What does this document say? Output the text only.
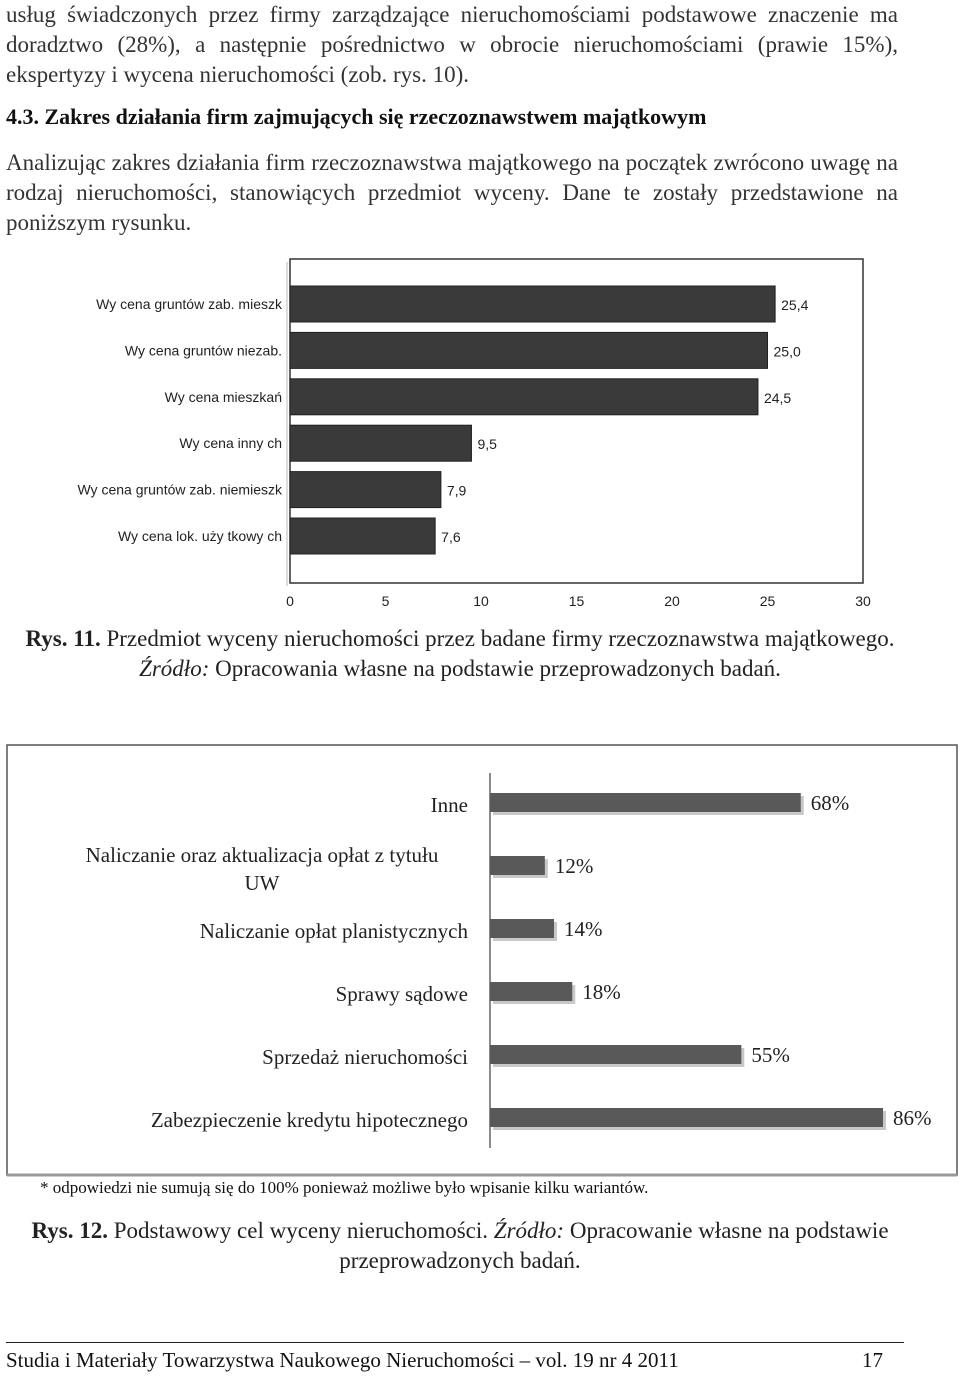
usług świadczonych przez firmy zarządzające nieruchomościami podstawowe znaczenie ma doradztwo (28%), a następnie pośrednictwo w obrocie nieruchomościami (prawie 15%), ekspertyzy i wycena nieruchomości (zob. rys. 10).

4.3. Zakres działania firm zajmujących się rzeczoznawstwem majątkowym

Analizując zakres działania firm rzeczoznawstwa majątkowego na początek zwrócono uwagę na rodzaj nieruchomości, stanowiących przedmiot wyceny. Dane te zostały przedstawione na poniższym rysunku.

Wy cena gruntów zab. mieszk	25,4
Wy cena gruntów niezab.	25,0
Wy cena mieszkań	24,5
Wy cena inny ch	9,5
Wy cena gruntów zab. niemieszk	7,9
Wy cena lok. uży tkowy ch	7,6
0	5	10	15	20	25	30

Rys. 11. Przedmiot wyceny nieruchomości przez badane firmy rzeczoznawstwa majątkowego. Źródło: Opracowania własne na podstawie przeprowadzonych badań.

68%
12%
14%
18%
55%
86%
Inne
Naliczanie oraz aktualizacja opłat z tytułu UW
Naliczanie opłat planistycznych
Sprawy sądowe
Sprzedaż nieruchomości
Zabezpieczenie kredytu hipotecznego

* odpowiedzi nie sumują się do 100% ponieważ możliwe było wpisanie kilku wariantów.

Rys. 12. Podstawowy cel wyceny nieruchomości. Źródło: Opracowanie własne na podstawie przeprowadzonych badań.

Studia i Materiały Towarzystwa Naukowego Nieruchomości – vol. 19 nr 4 2011	17
